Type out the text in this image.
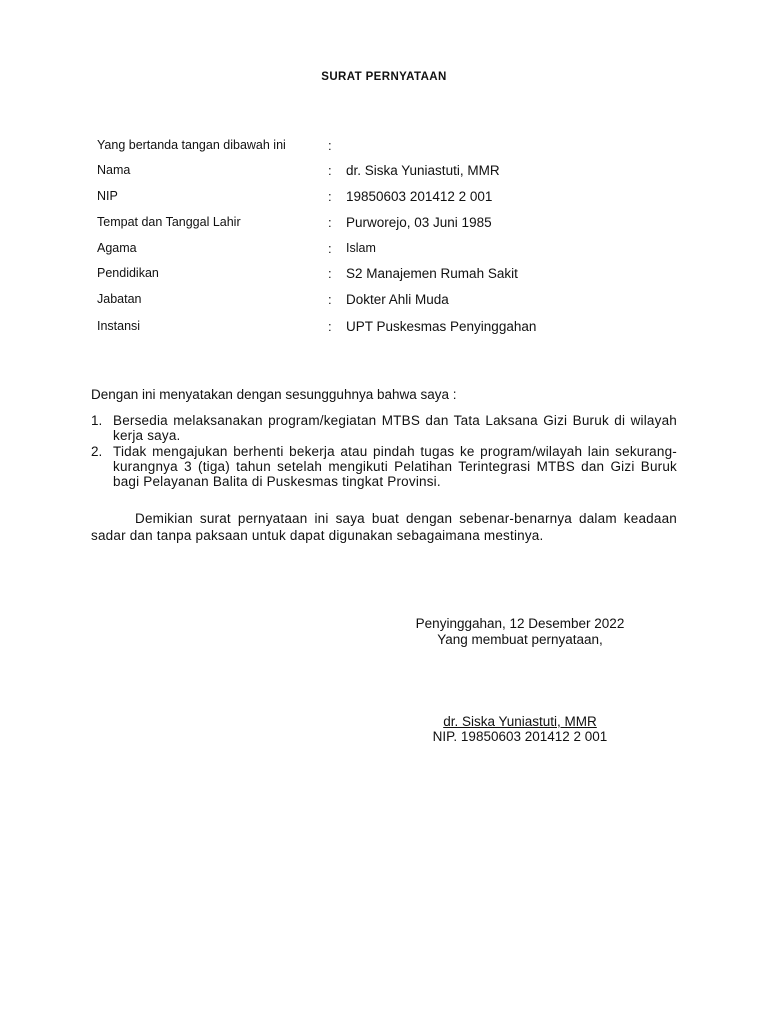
SURAT PERNYATAAN
Yang bertanda tangan dibawah ini	:
Nama	: dr. Siska Yuniastuti, MMR
NIP	: 19850603 201412 2 001
Tempat dan Tanggal Lahir	: Purworejo, 03 Juni 1985
Agama	: Islam
Pendidikan	: S2 Manajemen Rumah Sakit
Jabatan	: Dokter Ahli Muda
Instansi	: UPT Puskesmas Penyinggahan
Dengan ini menyatakan dengan sesungguhnya bahwa saya :
1. Bersedia melaksanakan program/kegiatan MTBS dan Tata Laksana Gizi Buruk di wilayah kerja saya.
2. Tidak mengajukan berhenti bekerja atau pindah tugas ke program/wilayah lain sekurang-kurangnya 3 (tiga) tahun setelah mengikuti Pelatihan Terintegrasi MTBS dan Gizi Buruk bagi Pelayanan Balita di Puskesmas tingkat Provinsi.
Demikian surat pernyataan ini saya buat dengan sebenar-benarnya dalam keadaan sadar dan tanpa paksaan untuk dapat digunakan sebagaimana mestinya.
Penyinggahan, 12 Desember 2022
Yang membuat pernyataan,
dr. Siska Yuniastuti, MMR
NIP. 19850603 201412 2 001
